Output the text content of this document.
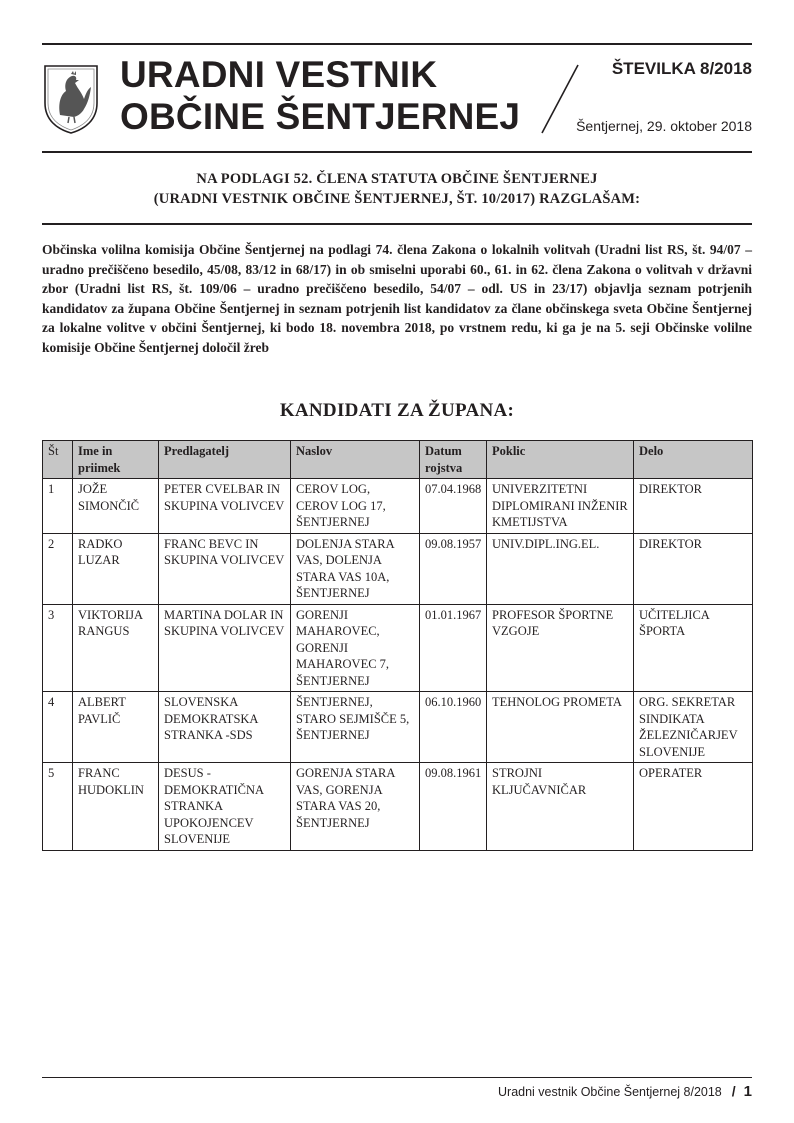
URADNI VESTNIK
OBČINE ŠENTJERNEJ
ŠTEVILKA 8/2018
Šentjernej, 29. oktober 2018
NA PODLAGI 52. ČLENA STATUTA OBČINE ŠENTJERNEJ
(URADNI VESTNIK OBČINE ŠENTJERNEJ, ŠT. 10/2017) RAZGLAŠAM:

Občinska volilna komisija Občine Šentjernej na podlagi 74. člena Zakona o lokalnih volitvah (Uradni list RS, št. 94/07 – uradno prečiščeno besedilo, 45/08, 83/12 in 68/17) in ob smiselni uporabi 60., 61. in 62. člena Zakona o volitvah v državni zbor (Uradni list RS, št. 109/06 – uradno prečiščeno besedilo, 54/07 – odl. US in 23/17) objavlja seznam potrjenih kandidatov za župana Občine Šentjernej in seznam potrjenih list kandidatov za člane občinskega sveta Občine Šentjernej za lokalne volitve v občini Šentjernej, ki bodo 18. novembra 2018, po vrstnem redu, ki ga je na 5. seji Občinske volilne komisije Občine Šentjernej določil žreb

KANDIDATI ZA ŽUPANA:
Št	Ime in priimek	Predlagatelj	Naslov	Datum rojstva	Poklic	Delo
1	JOŽE SIMONČIČ	PETER CVELBAR IN SKUPINA VOLIVCEV	CEROV LOG, CEROV LOG 17, ŠENTJERNEJ	07.04.1968	UNIVERZITETNI DIPLOMIRANI INŽENIR KMETIJSTVA	DIREKTOR
2	RADKO LUZAR	FRANC BEVC IN SKUPINA VOLIVCEV	DOLENJA STARA VAS, DOLENJA STARA VAS 10A, ŠENTJERNEJ	09.08.1957	UNIV.DIPL.ING.EL.	DIREKTOR
3	VIKTORIJA RANGUS	MARTINA DOLAR IN SKUPINA VOLIVCEV	GORENJI MAHAROVEC, GORENJI MAHAROVEC 7, ŠENTJERNEJ	01.01.1967	PROFESOR ŠPORTNE VZGOJE	UČITELJICA ŠPORTA
4	ALBERT PAVLIČ	SLOVENSKA DEMOKRATSKA STRANKA -SDS	ŠENTJERNEJ, STARO SEJMIŠČE 5, ŠENTJERNEJ	06.10.1960	TEHNOLOG PROMETA	ORG. SEKRETAR SINDIKATA ŽELEZNIČARJEV SLOVENIJE
5	FRANC HUDOKLIN	DESUS - DEMOKRATIČNA STRANKA UPOKOJENCEV SLOVENIJE	GORENJA STARA VAS, GORENJA STARA VAS 20, ŠENTJERNEJ	09.08.1961	STROJNI KLJUČAVNIČAR	OPERATER
Uradni vestnik Občine Šentjernej 8/2018 / 1
